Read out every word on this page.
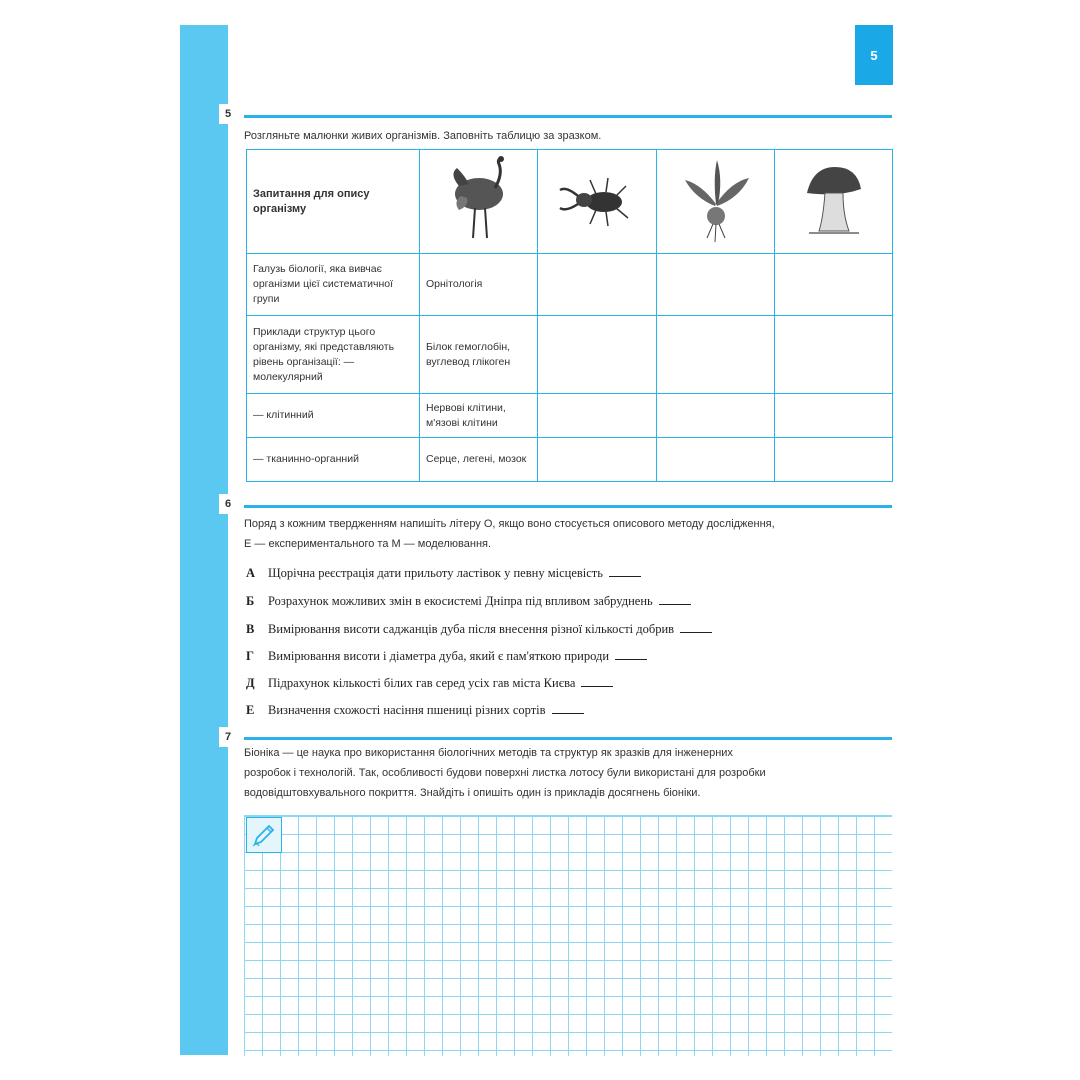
5
5
Розгляньте малюнки живих організмів. Заповніть таблицю за зразком.
Запитання для опису організму				
Галузь біології, яка вивчає організми цієї систематичної групи	Орнітологія			
Приклади структур цього організму, які представляють рівень організації: — молекулярний	Білок гемоглобін, вуглевод глікоген			
— клітинний	Нервові клітини, м'язові клітини			
— тканинно-органний	Серце, легені, мозок			
6
Поряд з кожним твердженням напишіть літеру О, якщо воно стосується описового методу дослідження,
Е — експериментального та М — моделювання.
А Щорічна реєстрація дати прильоту ластівок у певну місцевість
Б Розрахунок можливих змін в екосистемі Дніпра під впливом забруднень
В Вимірювання висоти саджанців дуба після внесення різної кількості добрив
Г Вимірювання висоти і діаметра дуба, який є пам'яткою природи
Д Підрахунок кількості білих гав серед усіх гав міста Києва
Е Визначення схожості насіння пшениці різних сортів
7
Біоніка — це наука про використання біологічних методів та структур як зразків для інженерних
розробок і технологій. Так, особливості будови поверхні листка лотосу були використані для розробки
водовідштовхувального покриття. Знайдіть і опишіть один із прикладів досягнень біоніки.
